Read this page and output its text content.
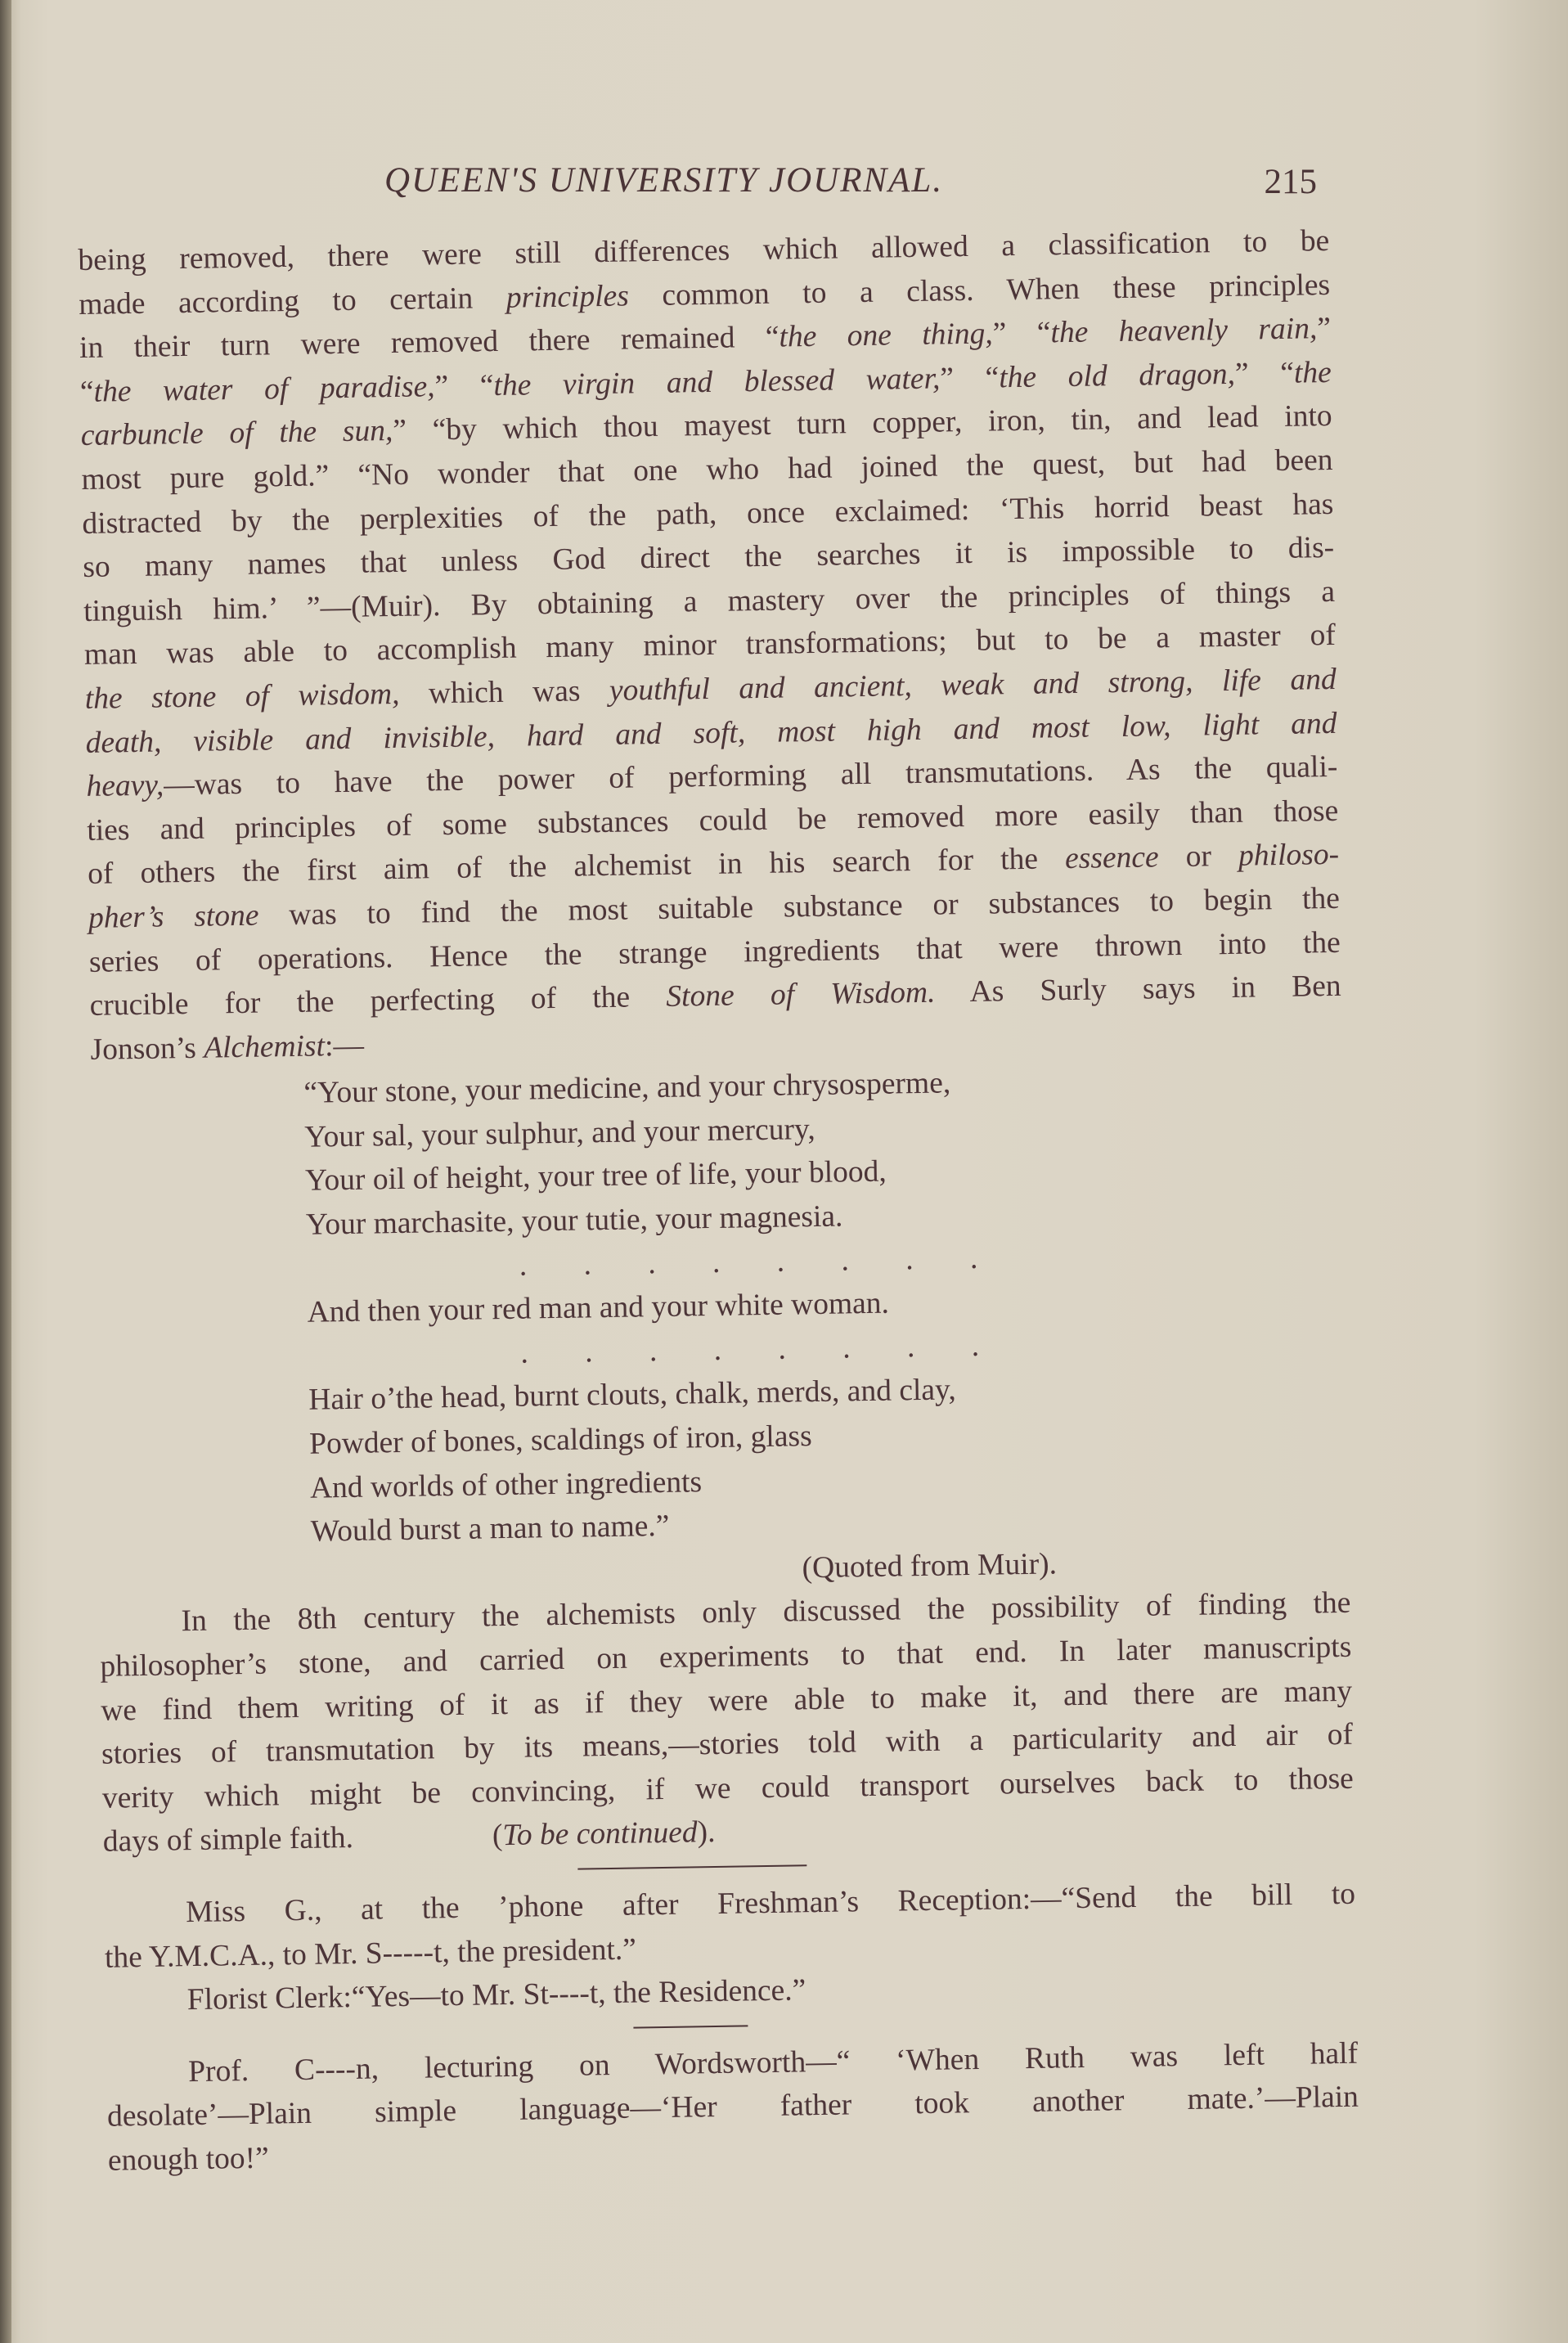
QUEEN'S UNIVERSITY JOURNAL.	215
being removed, there were still differences which allowed a classification to be
made according to certain principles common to a class. When these principles
in their turn were removed there remained “the one thing,” “the heavenly rain,”
“the water of paradise,” “the virgin and blessed water,” “the old dragon,” “the
carbuncle of the sun,” “by which thou mayest turn copper, iron, tin, and lead into
most pure gold.” “No wonder that one who had joined the quest, but had been
distracted by the perplexities of the path, once exclaimed: ‘This horrid beast has
so many names that unless God direct the searches it is impossible to dis-
tinguish him.’ ”—(Muir). By obtaining a mastery over the principles of things a
man was able to accomplish many minor transformations; but to be a master of
the stone of wisdom, which was youthful and ancient, weak and strong, life and
death, visible and invisible, hard and soft, most high and most low, light and
heavy,—was to have the power of performing all transmutations. As the quali-
ties and principles of some substances could be removed more easily than those
of others the first aim of the alchemist in his search for the essence or philoso-
pher’s stone was to find the most suitable substance or substances to begin the
series of operations. Hence the strange ingredients that were thrown into the
crucible for the perfecting of the Stone of Wisdom. As Surly says in Ben
Jonson’s Alchemist:—
“Your stone, your medicine, and your chrysosperme,
Your sal, your sulphur, and your mercury,
Your oil of height, your tree of life, your blood,
Your marchasite, your tutie, your magnesia.
. . . . . . . .
And then your red man and your white woman.
. . . . . . . .
Hair o’the head, burnt clouts, chalk, merds, and clay,
Powder of bones, scaldings of iron, glass
And worlds of other ingredients
Would burst a man to name.”
(Quoted from Muir).
In the 8th century the alchemists only discussed the possibility of finding the
philosopher’s stone, and carried on experiments to that end. In later manuscripts
we find them writing of it as if they were able to make it, and there are many
stories of transmutation by its means,—stories told with a particularity and air of
verity which might be convincing, if we could transport ourselves back to those
days of simple faith.	(To be continued).
Miss G., at the ’phone after Freshman’s Reception:—“Send the bill to
the Y.M.C.A., to Mr. S-----t, the president.”
Florist Clerk:“Yes—to Mr. St----t, the Residence.”
Prof. C----n, lecturing on Wordsworth—“ ‘When Ruth was left half
desolate’—Plain simple language—‘Her father took another mate.’—Plain
enough too!”
